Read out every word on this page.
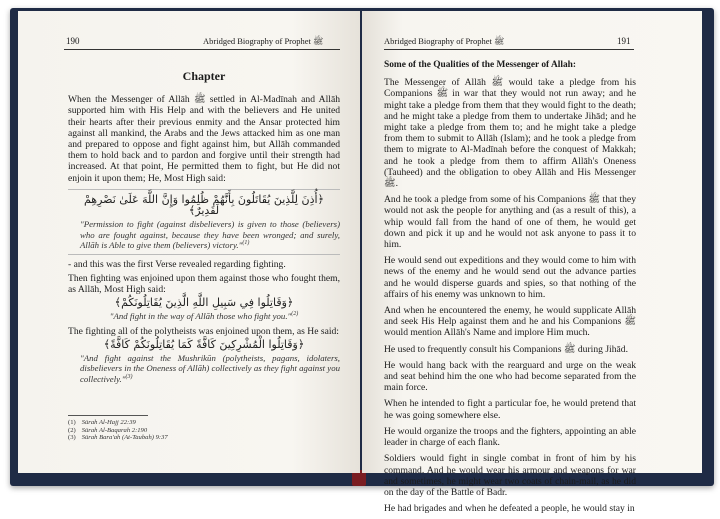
190	Abridged Biography of Prophet ﷺ
Chapter

When the Messenger of Allāh ﷺ settled in Al-Madīnah and Allāh supported him with His Help and with the believers and He united their hearts after their previous enmity and the Ansar protected him against all mankind, the Arabs and the Jews attacked him as one man and prepared to oppose and fight against him, but Allāh commanded them to hold back and to pardon and forgive until their strength had increased. At that point, He permitted them to fight, but He did not enjoin it upon them; He, Most High said:

﴿أُذِنَ لِلَّذِينَ يُقَاتَلُونَ بِأَنَّهُمْ ظُلِمُوا وَإِنَّ اللَّهَ عَلَىٰ نَصْرِهِمْ لَقَدِيرٌ﴾

"Permission to fight (against disbelievers) is given to those (believers) who are fought against, because they have been wronged; and surely, Allāh is Able to give them (believers) victory."$^{(1)}$

- and this was the first Verse revealed regarding fighting.

Then fighting was enjoined upon them against those who fought them, as Allāh, Most High said:

﴿وَقَاتِلُوا فِي سَبِيلِ اللَّهِ الَّذِينَ يُقَاتِلُونَكُمْ﴾

"And fight in the way of Allāh those who fight you."$^{(2)}$

The fighting all of the polytheists was enjoined upon them, as He said:

﴿وَقَاتِلُوا الْمُشْرِكِينَ كَافَّةً كَمَا يُقَاتِلُونَكُمْ كَافَّةً﴾

"And fight against the Mushrikūn (polytheists, pagans, idolaters, disbelievers in the Oneness of Allāh) collectively as they fight against you collectively."$^{(3)}$

(1) Sūrah Al-Hajj 22:39

(2) Sūrah Al-Baqarah 2:190

(3) Sūrah Bara'ah (At-Taubah) 9:37

Abridged Biography of Prophet ﷺ	191
Some of the Qualities of the Messenger of Allah:

The Messenger of Allāh ﷺ would take a pledge from his Companions ﷺ in war that they would not run away; and he might take a pledge from them that they would fight to the death; and he might take a pledge from them to undertake Jihād; and he might take a pledge from them to; and he might take a pledge from them to submit to Allāh (Islam); and he took a pledge from them to migrate to Al-Madīnah before the conquest of Makkah; and he took a pledge from them to affirm Allāh's Oneness (Tauheed) and the obligation to obey Allāh and His Messenger ﷺ.

And he took a pledge from some of his Companions ﷺ that they would not ask the people for anything and (as a result of this), a whip would fall from the hand of one of them, he would get down and pick it up and he would not ask anyone to pass it to him.

He would send out expeditions and they would come to him with news of the enemy and he would send out the advance parties and he would disperse guards and spies, so that nothing of the affairs of his enemy was unknown to him.

And when he encountered the enemy, he would supplicate Allāh and seek His Help against them and he and his Companions ﷺ would mention Allāh's Name and implore Him much.

He used to frequently consult his Companions ﷺ during Jihād.

He would hang back with the rearguard and urge on the weak and seat behind him the one who had become separated from the main force.

When he intended to fight a particular foe, he would pretend that he was going somewhere else.

He would organize the troops and the fighters, appointing an able leader in charge of each flank.

Soldiers would fight in single combat in front of him by his command. And he would wear his armour and weapons for war and sometimes, he might wear two coats of chain-mail, as he did on the day of the Battle of Badr.

He had brigades and when he defeated a people, he would stay in
